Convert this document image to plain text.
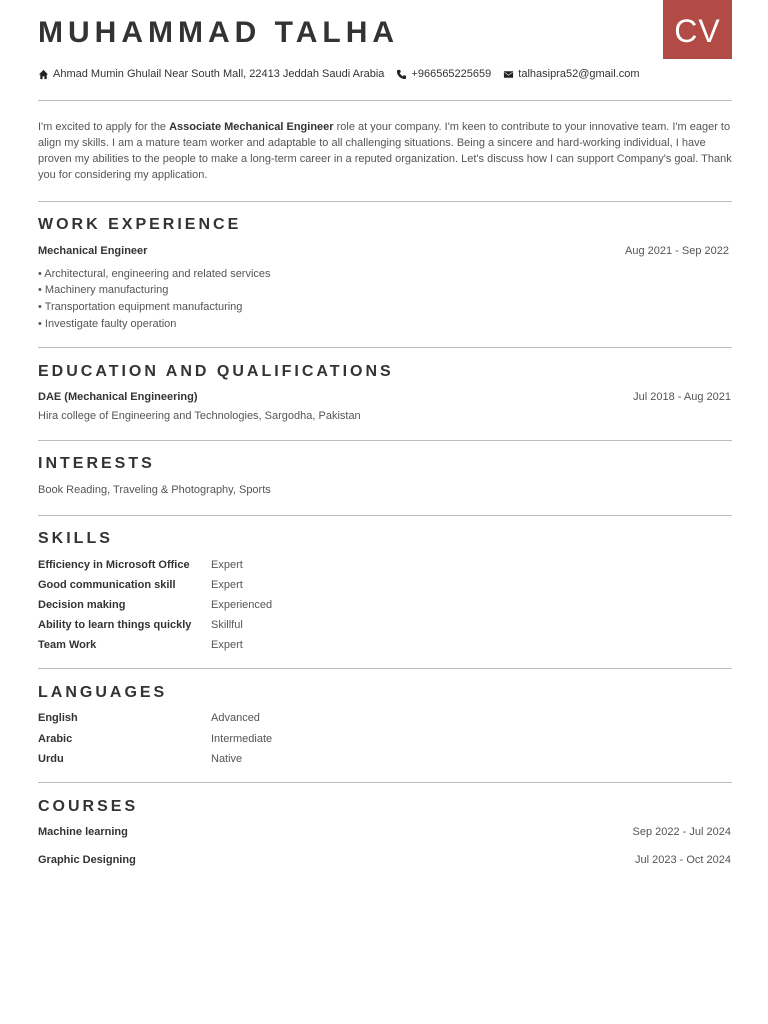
CV
MUHAMMAD TALHA
Ahmad Mumin Ghulail Near South Mall, 22413 Jeddah Saudi Arabia +966565225659 talhasipra52@gmail.com
I'm excited to apply for the Associate Mechanical Engineer role at your company. I'm keen to contribute to your innovative team. I'm eager to align my skills. I am a mature team worker and adaptable to all challenging situations. Being a sincere and hard-working individual, I have proven my abilities to the people to make a long-term career in a reputed organization. Let's discuss how I can support Company's goal. Thank you for considering my application.
WORK EXPERIENCE
Mechanical Engineer	Aug 2021 - Sep 2022
• Architectural, engineering and related services
• Machinery manufacturing
• Transportation equipment manufacturing
• Investigate faulty operation
EDUCATION AND QUALIFICATIONS
DAE (Mechanical Engineering)	Jul 2018 - Aug 2021
Hira college of Engineering and Technologies, Sargodha, Pakistan
INTERESTS
Book Reading, Traveling & Photography, Sports
SKILLS
Efficiency in Microsoft Office Expert
Good communication skill	Expert
Decision making	Experienced
Ability to learn things quickly Skillful
Team Work	Expert
LANGUAGES
English	Advanced
Arabic	Intermediate
Urdu	Native
COURSES
Machine learning	Sep 2022 - Jul 2024
Graphic Designing	Jul 2023 - Oct 2024
